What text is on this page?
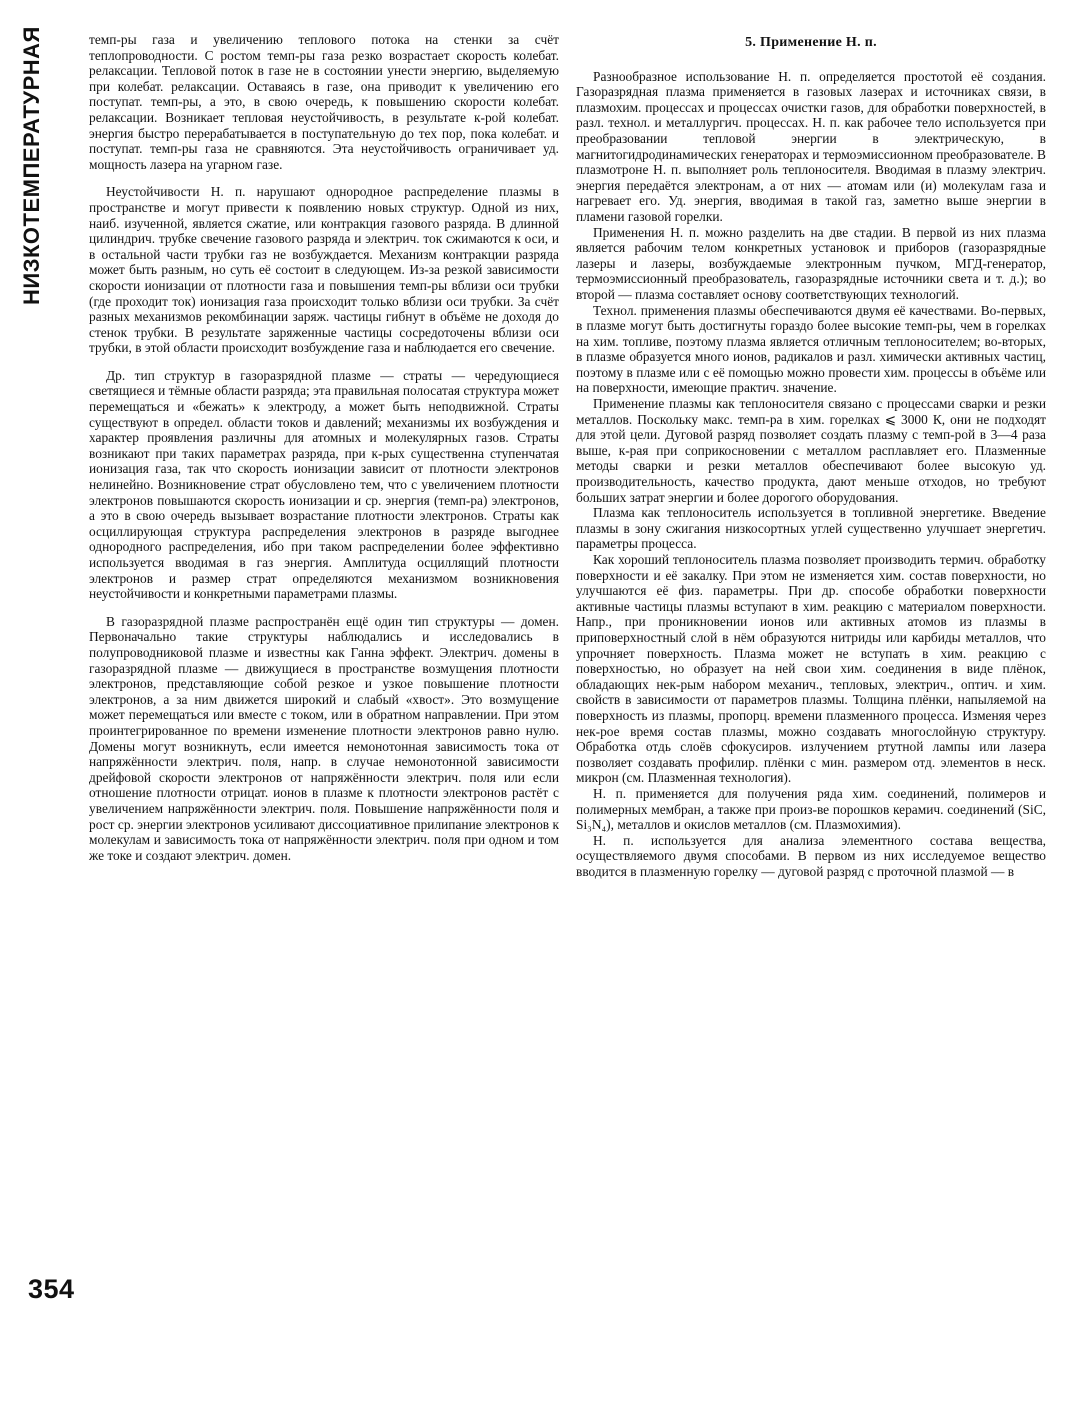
НИЗКОТЕМПЕРАТУРНАЯ
354

темп-ры газа и увеличению теплового потока на стенки за счёт теплопроводности. С ростом темп-ры газа резко возрастает скорость колебат. релаксации. Тепловой поток в газе не в состоянии унести энергию, выделяемую при колебат. релаксации. Оставаясь в газе, она приводит к увеличению его поступат. темп-ры, а это, в свою очередь, к повышению скорости колебат. релаксации. Возникает тепловая неустойчивость, в результате к-рой колебат. энергия быстро перерабатывается в поступательную до тех пор, пока колебат. и поступат. темп-ры газа не сравняются. Эта неустойчивость ограничивает уд. мощность лазера на угарном газе.

Неустойчивости Н. п. нарушают однородное распределение плазмы в пространстве и могут привести к появлению новых структур. Одной из них, наиб. изученной, является сжатие, или контракция газового разряда. В длинной цилиндрич. трубке свечение газового разряда и электрич. ток сжимаются к оси, и в остальной части трубки газ не возбуждается. Механизм контракции разряда может быть разным, но суть её состоит в следующем. Из-за резкой зависимости скорости ионизации от плотности газа и повышения темп-ры вблизи оси трубки (где проходит ток) ионизация газа происходит только вблизи оси трубки. За счёт разных механизмов рекомбинации заряж. частицы гибнут в объёме не доходя до стенок трубки. В результате заряженные частицы сосредоточены вблизи оси трубки, в этой области происходит возбуждение газа и наблюдается его свечение.

Др. тип структур в газоразрядной плазме — страты — чередующиеся светящиеся и тёмные области разряда; эта правильная полосатая структура может перемещаться и «бежать» к электроду, а может быть неподвижной. Страты существуют в определ. области токов и давлений; механизмы их возбуждения и характер проявления различны для атомных и молекулярных газов. Страты возникают при таких параметрах разряда, при к-рых существенна ступенчатая ионизация газа, так что скорость ионизации зависит от плотности электронов нелинейно. Возникновение страт обусловлено тем, что с увеличением плотности электронов повышаются скорость ионизации и ср. энергия (темп-ра) электронов, а это в свою очередь вызывает возрастание плотности электронов. Страты как осциллирующая структура распределения электронов в разряде выгоднее однородного распределения, ибо при таком распределении более эффективно используется вводимая в газ энергия. Амплитуда осциллящий плотности электронов и размер страт определяются механизмом возникновения неустойчивости и конкретными параметрами плазмы.

В газоразрядной плазме распространён ещё один тип структуры — домен. Первоначально такие структуры наблюдались и исследовались в полупроводниковой плазме и известны как Ганна эффект. Электрич. домены в газоразрядной плазме — движущиеся в пространстве возмущения плотности электронов, представляющие собой резкое и узкое повышение плотности электронов, а за ним движется широкий и слабый «хвост». Это возмущение может перемещаться или вместе с током, или в обратном направлении. При этом проинтегрированное по времени изменение плотности электронов равно нулю. Домены могут возникнуть, если имеется немонотонная зависимость тока от напряжённости электрич. поля, напр. в случае немонотонной зависимости дрейфовой скорости электронов от напряжённости электрич. поля или если отношение плотности отрицат. ионов в плазме к плотности электронов растёт с увеличением напряжённости электрич. поля. Повышение напряжённости поля и рост ср. энергии электронов усиливают диссоциативное прилипание электронов к молекулам и зависимость тока от напряжённости электрич. поля при одном и том же токе и создают электрич. домен.

5. Применение Н. п.

Разнообразное использование Н. п. определяется простотой её создания. Газоразрядная плазма применяется в газовых лазерах и источниках связи, в плазмохим. процессах и процессах очистки газов, для обработки поверхностей, в разл. технол. и металлургич. процессах. Н. п. как рабочее тело используется при преобразовании тепловой энергии в электрическую, в магнитогидродинамических генераторах и термоэмиссионном преобразователе. В плазмотроне Н. п. выполняет роль теплоносителя. Вводимая в плазму электрич. энергия передаётся электронам, а от них — атомам или (и) молекулам газа и нагревает его. Уд. энергия, вводимая в такой газ, заметно выше энергии в пламени газовой горелки.

Применения Н. п. можно разделить на две стадии. В первой из них плазма является рабочим телом конкретных установок и приборов (газоразрядные лазеры и лазеры, возбуждаемые электронным пучком, МГД-генератор, термоэмиссионный преобразователь, газоразрядные источники света и т. д.); во второй — плазма составляет основу соответствующих технологий.

Технол. применения плазмы обеспечиваются двумя её качествами. Во-первых, в плазме могут быть достигнуты гораздо более высокие темп-ры, чем в горелках на хим. топливе, поэтому плазма является отличным теплоносителем; во-вторых, в плазме образуется много ионов, радикалов и разл. химически активных частиц, поэтому в плазме или с её помощью можно провести хим. процессы в объёме или на поверхности, имеющие практич. значение.

Применение плазмы как теплоносителя связано с процессами сварки и резки металлов. Поскольку макс. темп-ра в хим. горелках ⩽ 3000 К, они не подходят для этой цели. Дуговой разряд позволяет создать плазму с темп-рой в 3—4 раза выше, к-рая при соприкосновении с металлом расплавляет его. Плазменные методы сварки и резки металлов обеспечивают более высокую уд. производительность, качество продукта, дают меньше отходов, но требуют больших затрат энергии и более дорогого оборудования.

Плазма как теплоноситель используется в топливной энергетике. Введение плазмы в зону сжигания низкосортных углей существенно улучшает энергетич. параметры процесса.

Как хороший теплоноситель плазма позволяет производить термич. обработку поверхности и её закалку. При этом не изменяется хим. состав поверхности, но улучшаются её физ. параметры. При др. способе обработки поверхности активные частицы плазмы вступают в хим. реакцию с материалом поверхности. Напр., при проникновении ионов или активных атомов из плазмы в приповерхностный слой в нём образуются нитриды или карбиды металлов, что упрочняет поверхность. Плазма может не вступать в хим. реакцию с поверхностью, но образует на ней свои хим. соединения в виде плёнок, обладающих нек-рым набором механич., тепловых, электрич., оптич. и хим. свойств в зависимости от параметров плазмы. Толщина плёнки, напыляемой на поверхность из плазмы, пропорц. времени плазменного процесса. Изменяя через нек-рое время состав плазмы, можно создавать многослойную структуру. Обработка отдь слоёв сфокусиров. излучением ртутной лампы или лазера позволяет создавать профилир. плёнки с мин. размером отд. элементов в неск. микрон (см. Плазменная технология).

Н. п. применяется для получения ряда хим. соединений, полимеров и полимерных мембран, а также при произ-ве порошков керамич. соединений (SiC, Si₃N₄), металлов и окислов металлов (см. Плазмохимия).

Н. п. используется для анализа элементного состава вещества, осуществляемого двумя способами. В первом из них исследуемое вещество вводится в плазменную горелку — дуговой разряд с проточной плазмой — в
